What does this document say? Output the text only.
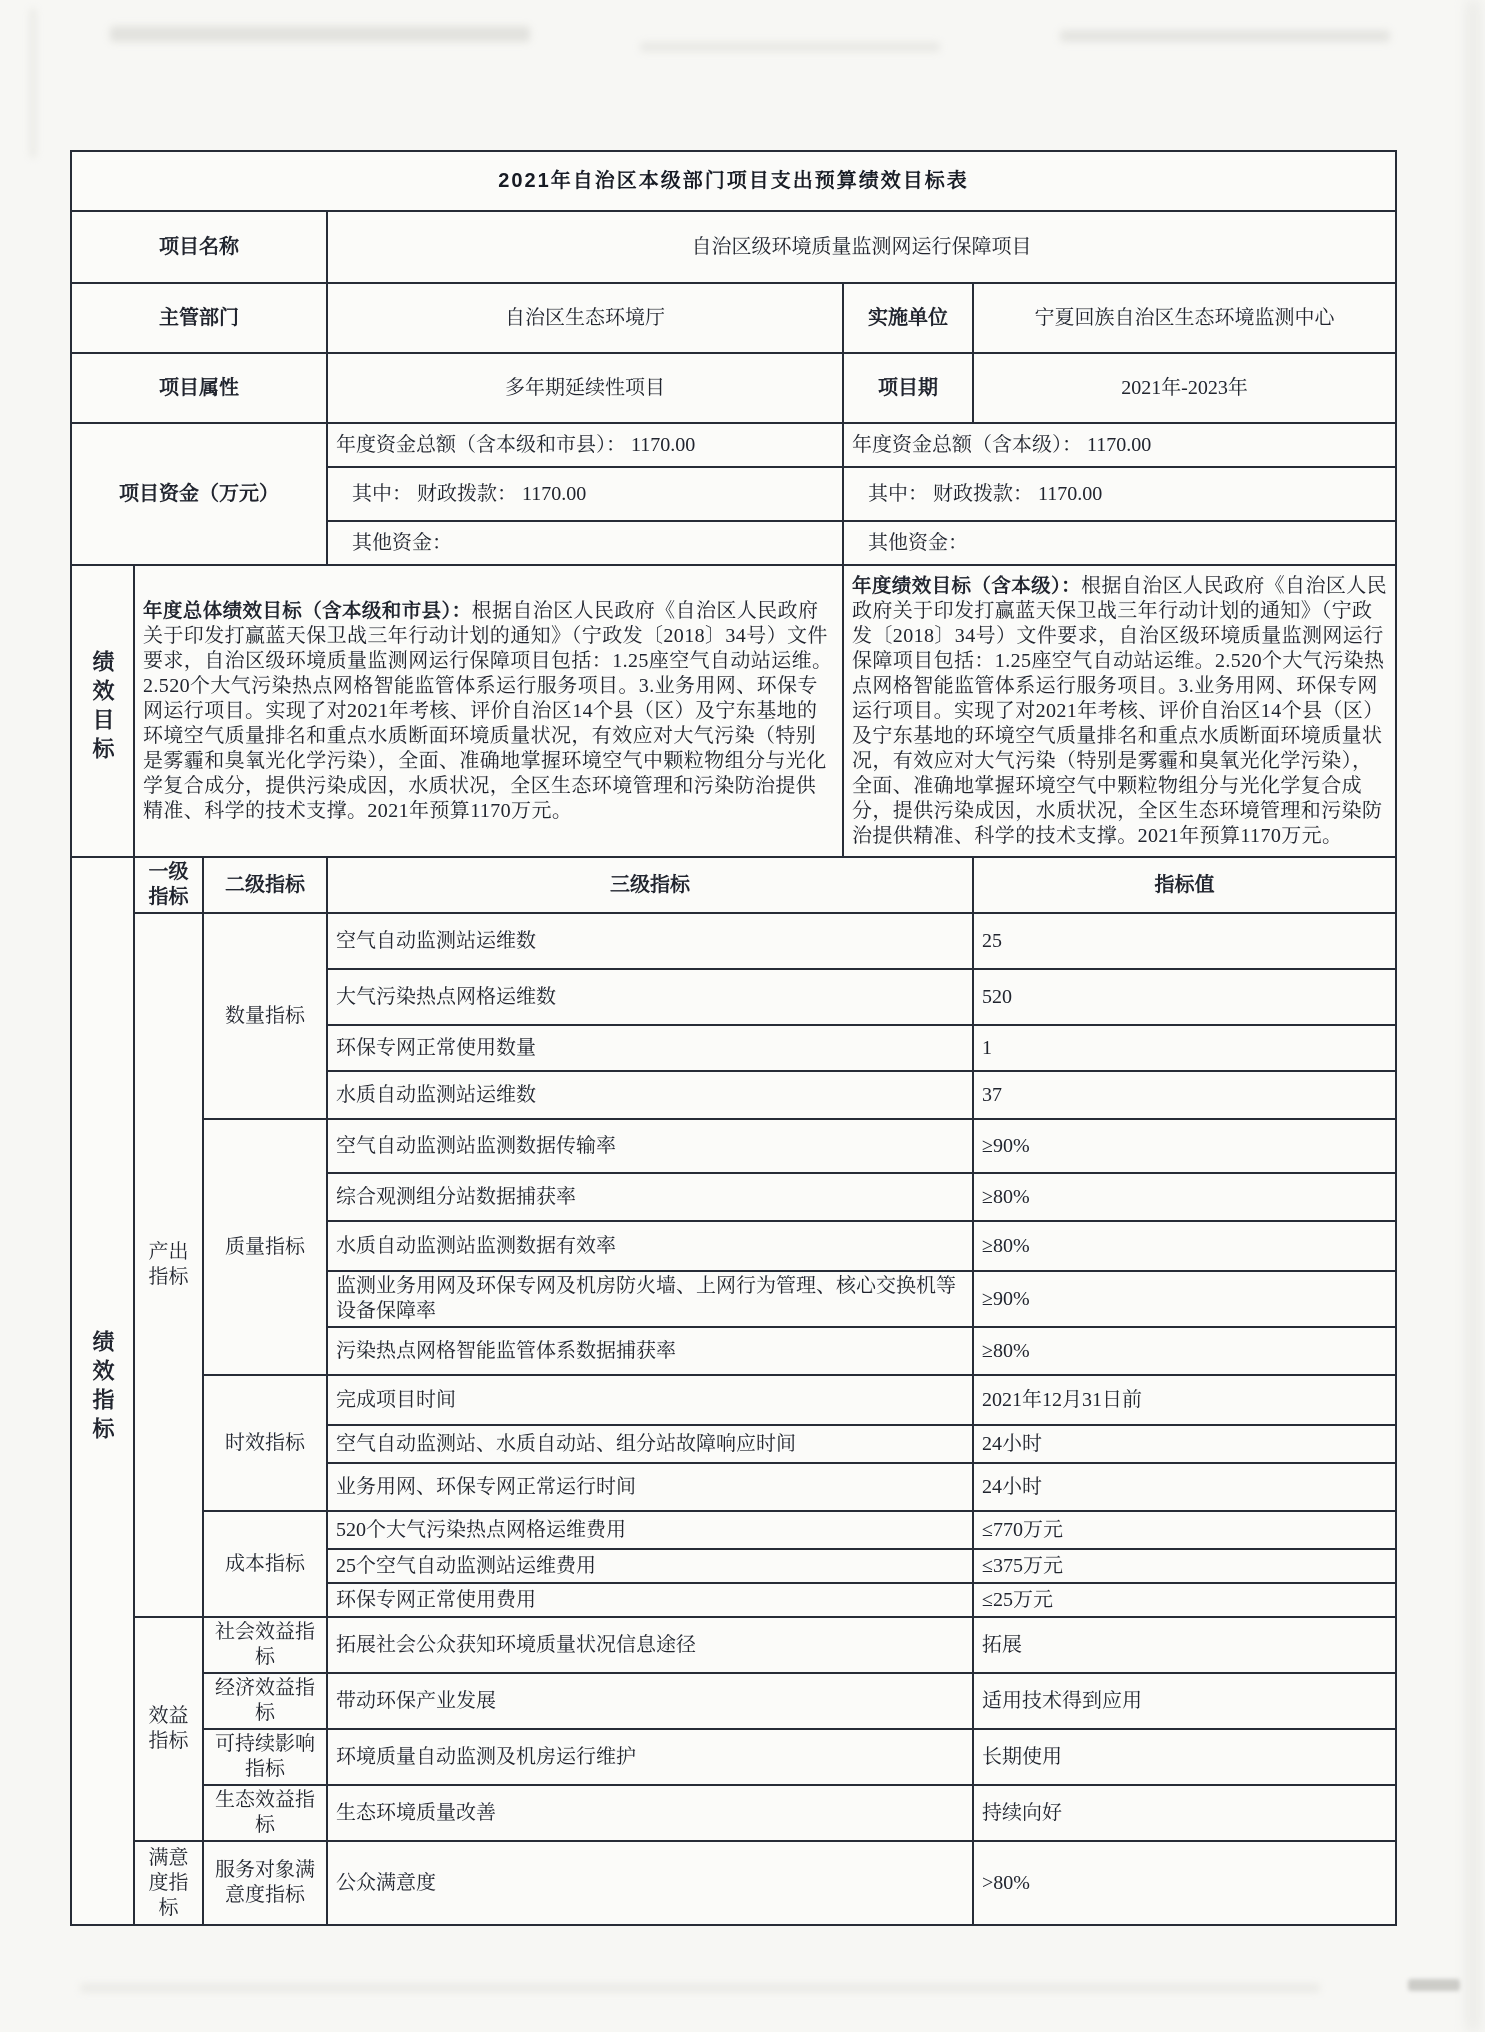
2021年自治区本级部门项目支出预算绩效目标表					
项目名称			自治区级环境质量监测网运行保障项目		
主管部门			自治区生态环境厅	实施单位	宁夏回族自治区生态环境监测中心
项目属性			多年期延续性项目	项目期	2021年-2023年
项目资金（万元）			年度资金总额（含本级和市县）： 1170.00	年度资金总额（含本级）： 1170.00	
			其中： 财政拨款： 1170.00	其中： 财政拨款： 1170.00	
			其他资金：	其他资金：	
绩效目标	年度总体绩效目标（含本级和市县）：根据自治区人民政府《自治区人民政府关于印发打赢蓝天保卫战三年行动计划的通知》（宁政发〔2018〕34号）文件要求，自治区级环境质量监测网运行保障项目包括：1.25座空气自动站运维。2.520个大气污染热点网格智能监管体系运行服务项目。3.业务用网、环保专网运行项目。实现了对2021年考核、评价自治区14个县（区）及宁东基地的环境空气质量排名和重点水质断面环境质量状况，有效应对大气污染（特别是雾霾和臭氧光化学污染），全面、准确地掌握环境空气中颗粒物组分与光化学复合成分，提供污染成因，水质状况，全区生态环境管理和污染防治提供精准、科学的技术支撑。2021年预算1170万元。	年度绩效目标（含本级）：根据自治区人民政府《自治区人民政府关于印发打赢蓝天保卫战三年行动计划的通知》（宁政发〔2018〕34号）文件要求，自治区级环境质量监测网运行保障项目包括：1.25座空气自动站运维。2.520个大气污染热点网格智能监管体系运行服务项目。3.业务用网、环保专网运行项目。实现了对2021年考核、评价自治区14个县（区）及宁东基地的环境空气质量排名和重点水质断面环境质量状况，有效应对大气污染（特别是雾霾和臭氧光化学污染），全面、准确地掌握环境空气中颗粒物组分与光化学复合成分，提供污染成因，水质状况，全区生态环境管理和污染防治提供精准、科学的技术支撑。2021年预算1170万元。
绩效指标	一级指标	二级指标	三级指标		指标值
	产出指标	数量指标	空气自动监测站运维数		25
			大气污染热点网格运维数		520
			环保专网正常使用数量		1
			水质自动监测站运维数		37
		质量指标	空气自动监测站监测数据传输率		≥90%
			综合观测组分站数据捕获率		≥80%
			水质自动监测站监测数据有效率		≥80%
			监测业务用网及环保专网及机房防火墙、上网行为管理、核心交换机等设备保障率		≥90%
			污染热点网格智能监管体系数据捕获率		≥80%
		时效指标	完成项目时间		2021年12月31日前
			空气自动监测站、水质自动站、组分站故障响应时间		24小时
			业务用网、环保专网正常运行时间		24小时
		成本指标	520个大气污染热点网格运维费用		≤770万元
			25个空气自动监测站运维费用		≤375万元
			环保专网正常使用费用		≤25万元
	效益指标	社会效益指标	拓展社会公众获知环境质量状况信息途径		拓展
		经济效益指标	带动环保产业发展		适用技术得到应用
		可持续影响指标	环境质量自动监测及机房运行维护		长期使用
		生态效益指标	生态环境质量改善		持续向好
	满意度指标	服务对象满意度指标	公众满意度		>80%
